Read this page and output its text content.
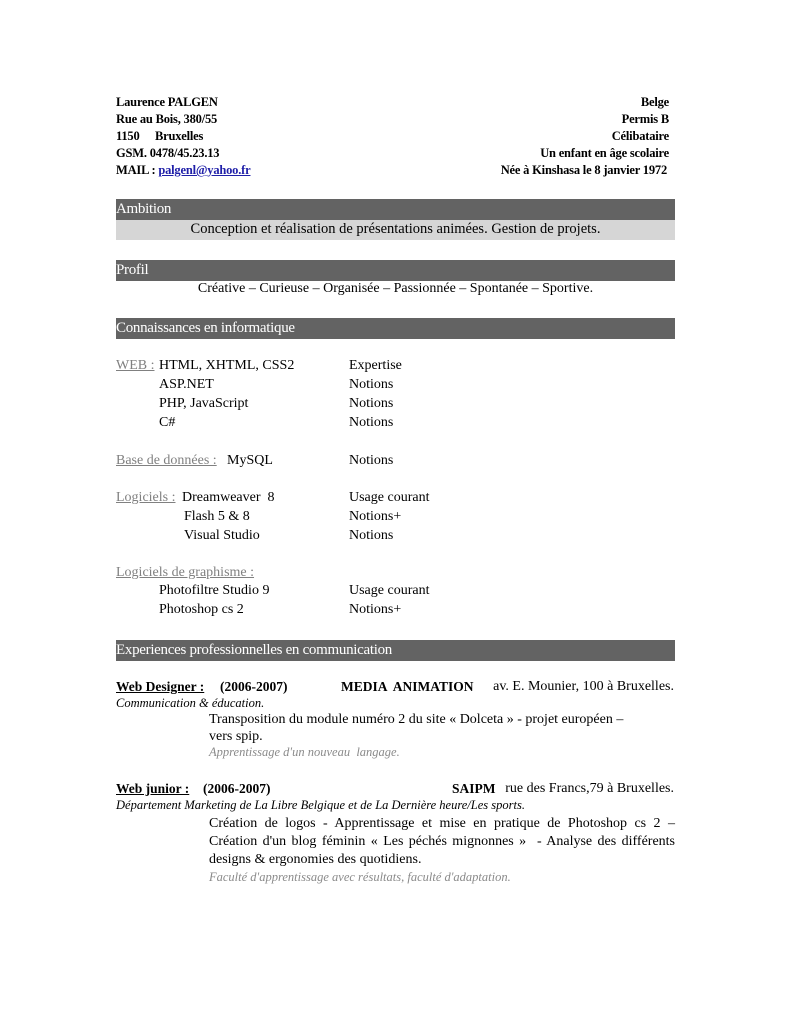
Laurence PALGEN
Rue au Bois, 380/55
1150 Bruxelles
GSM. 0478/45.23.13
MAIL : palgenl@yahoo.fr
Belge
Permis B
Célibataire
Un enfant en âge scolaire
Née à Kinshasa le 8 janvier 1972
Ambition
Conception et réalisation de présentations animées. Gestion de projets.
Profil
Créative – Curieuse – Organisée – Passionnée – Spontanée – Sportive.
Connaissances en informatique
WEB : HTML, XHTML, CSS2	Expertise
ASP.NET	Notions
PHP, JavaScript	Notions
C#	Notions
Base de données : MySQL	Notions
Logiciels : Dreamweaver  8	Usage courant
Flash 5 & 8	Notions+
Visual Studio	Notions
Logiciels de graphisme :
Photofiltre Studio 9	Usage courant
Photoshop cs 2	Notions+
Experiences professionnelles en communication
Web Designer : (2006-2007)	MEDIA  ANIMATION av. E. Mounier, 100 à Bruxelles.
Communication & éducation.
Transposition du module numéro 2 du site « Dolceta » - projet européen –
vers spip.
Apprentissage d'un nouveau  langage.
Web junior : (2006-2007)	SAIPM rue des Francs,79 à Bruxelles.
Département Marketing de La Libre Belgique et de La Dernière heure/Les sports.
Création de logos - Apprentissage et mise en pratique de Photoshop cs 2 –
Création d'un blog féminin « Les péchés mignonnes »  - Analyse des différents
designs & ergonomies des quotidiens.
Faculté d'apprentissage avec résultats, faculté d'adaptation.
